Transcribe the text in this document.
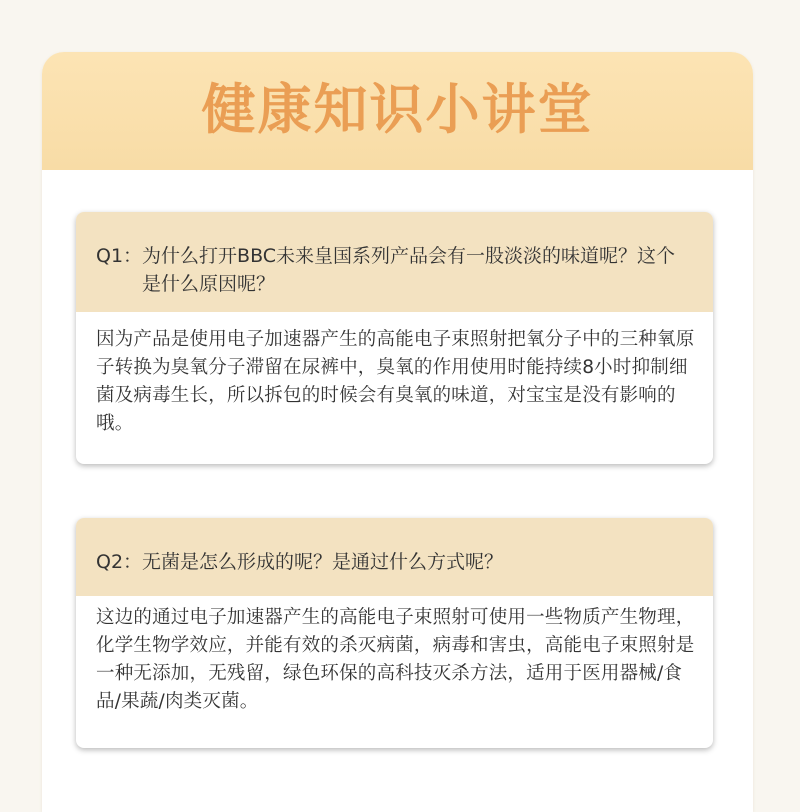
健康知识小讲堂
Q1： 为什么打开BBC未来皇国系列产品会有一股淡淡的味道呢？这个是什么原因呢？
因为产品是使用电子加速器产生的高能电子束照射把氧分子中的三种氧原子转换为臭氧分子滞留在尿裤中，臭氧的作用使用时能持续8小时抑制细菌及病毒生长，所以拆包的时候会有臭氧的味道，对宝宝是没有影响的哦。
Q2： 无菌是怎么形成的呢？是通过什么方式呢？
这边的通过电子加速器产生的高能电子束照射可使用一些物质产生物理，化学生物学效应，并能有效的杀灭病菌，病毒和害虫，高能电子束照射是一种无添加，无残留，绿色环保的高科技灭杀方法，适用于医用器械/食品/果蔬/肉类灭菌。
